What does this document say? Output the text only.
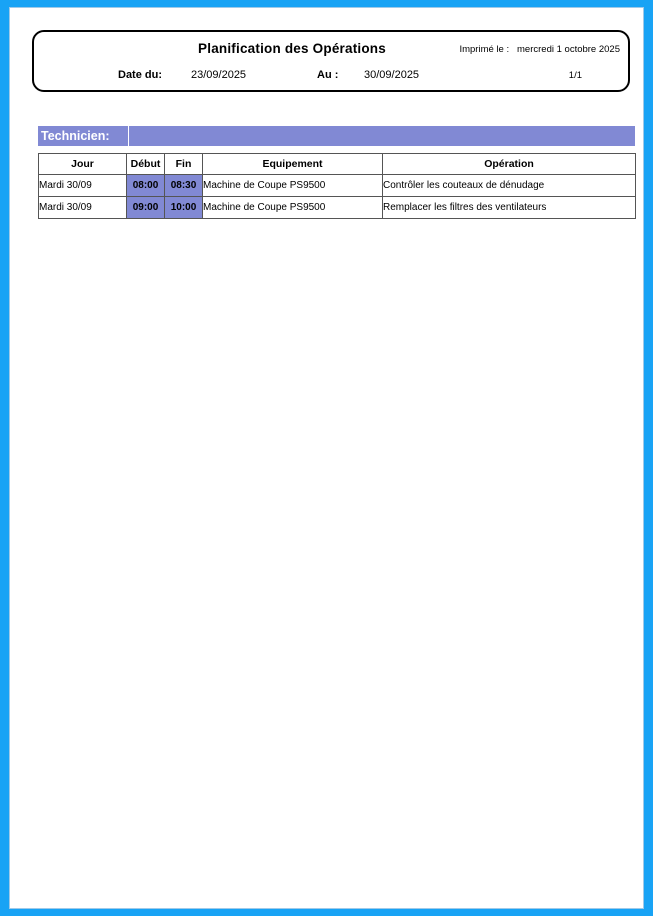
Planification des Opérations	Imprimé le : mercredi 1 octobre 2025
Date du:	23/09/2025	Au : 30/09/2025	1/1
Technicien:
Jour	Début	Fin	Equipement	Opération
Mardi 30/09	08:00	08:30	Machine de Coupe PS9500	Contrôler les couteaux de dénudage
Mardi 30/09	09:00	10:00	Machine de Coupe PS9500	Remplacer les filtres des ventilateurs
